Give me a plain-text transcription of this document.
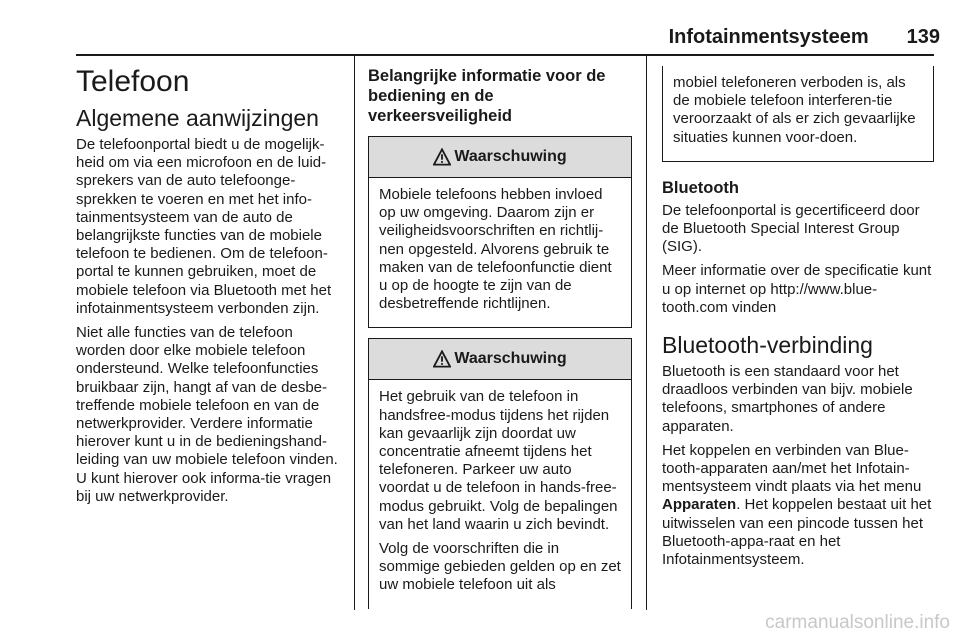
Infotainmentsysteem 139
Telefoon
Algemene aanwijzingen

De telefoonportal biedt u de mogelijk-heid om via een microfoon en de luid-sprekers van de auto telefoonge-sprekken te voeren en met het info-tainmentsysteem van de auto de belangrijkste functies van de mobiele telefoon te bedienen. Om de telefoon-portal te kunnen gebruiken, moet de mobiele telefoon via Bluetooth met het infotainmentsysteem verbonden zijn.

Niet alle functies van de telefoon worden door elke mobiele telefoon ondersteund. Welke telefoonfuncties bruikbaar zijn, hangt af van de desbe-treffende mobiele telefoon en van de netwerkprovider. Verdere informatie hierover kunt u in de bedieningshand-leiding van uw mobiele telefoon vinden. U kunt hierover ook informa-tie vragen bij uw netwerkprovider.

Belangrijke informatie voor de bediening en de verkeersveiligheid
Waarschuwing

Mobiele telefoons hebben invloed op uw omgeving. Daarom zijn er veiligheidsvoorschriften en richtlij-nen opgesteld. Alvorens gebruik te maken van de telefoonfunctie dient u op de hoogte te zijn van de desbetreffende richtlijnen.

Waarschuwing

Het gebruik van de telefoon in handsfree-modus tijdens het rijden kan gevaarlijk zijn doordat uw concentratie afneemt tijdens het telefoneren. Parkeer uw auto voordat u de telefoon in hands-free-modus gebruikt. Volg de bepalingen van het land waarin u zich bevindt.

Volg de voorschriften die in sommige gebieden gelden op en zet uw mobiele telefoon uit als

mobiel telefoneren verboden is, als de mobiele telefoon interferen-tie veroorzaakt of als er zich gevaarlijke situaties kunnen voor-doen.

Bluetooth

De telefoonportal is gecertificeerd door de Bluetooth Special Interest Group (SIG).

Meer informatie over de specificatie kunt u op internet op http://www.blue-tooth.com vinden

Bluetooth-verbinding

Bluetooth is een standaard voor het draadloos verbinden van bijv. mobiele telefoons, smartphones of andere apparaten.

Het koppelen en verbinden van Blue-tooth-apparaten aan/met het Infotain-mentsysteem vindt plaats via het menu Apparaten. Het koppelen bestaat uit het uitwisselen van een pincode tussen het Bluetooth-appa-raat en het Infotainmentsysteem.

carmanualsonline.info
